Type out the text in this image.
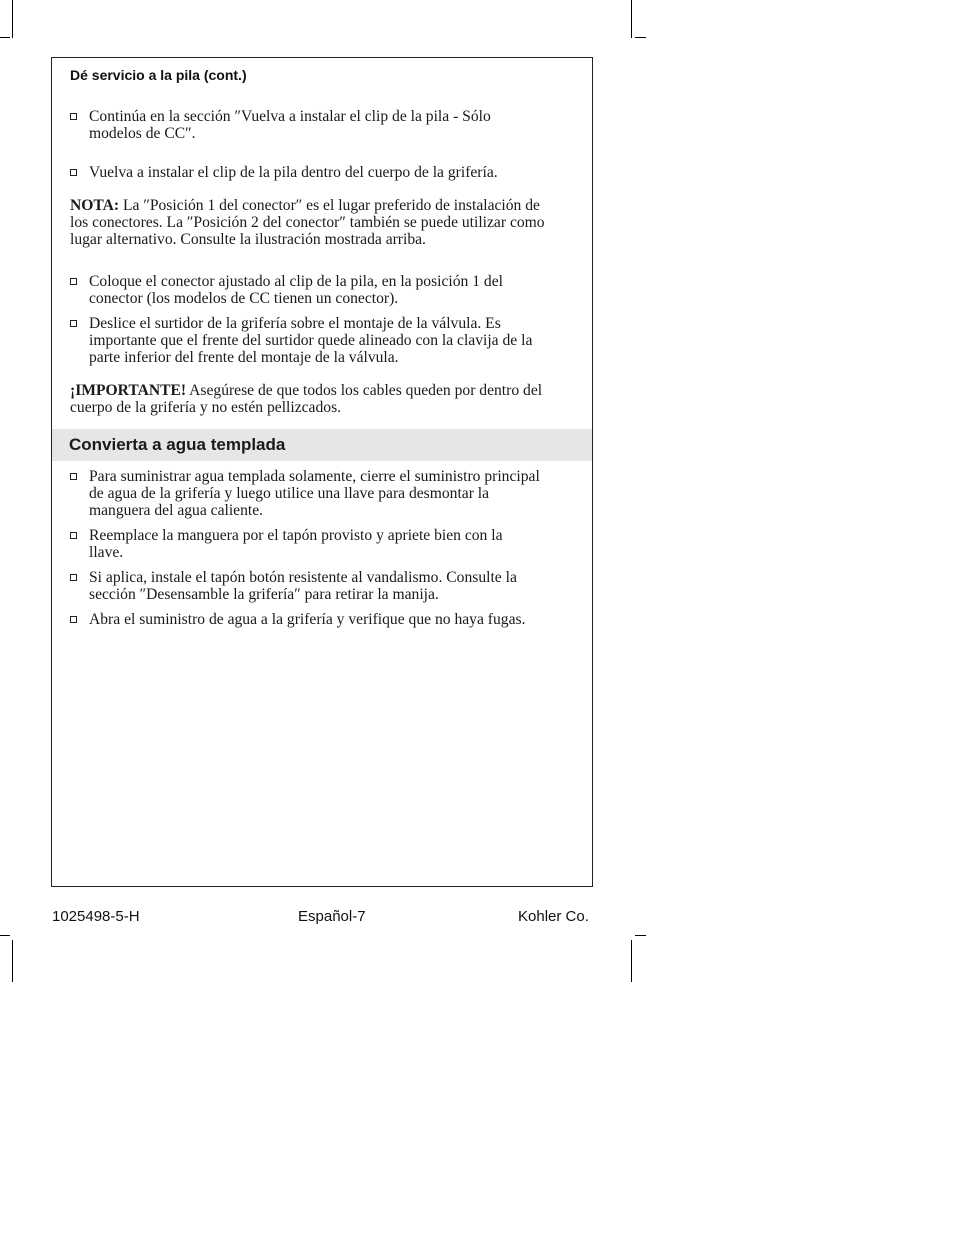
Dé servicio a la pila (cont.)
Continúa en la sección ″Vuelva a instalar el clip de la pila - Sólo modelos de CC″.
Vuelva a instalar el clip de la pila dentro del cuerpo de la grifería.
NOTA: La ″Posición 1 del conector″ es el lugar preferido de instalación de los conectores. La ″Posición 2 del conector″ también se puede utilizar como lugar alternativo. Consulte la ilustración mostrada arriba.
Coloque el conector ajustado al clip de la pila, en la posición 1 del conector (los modelos de CC tienen un conector).
Deslice el surtidor de la grifería sobre el montaje de la válvula. Es importante que el frente del surtidor quede alineado con la clavija de la parte inferior del frente del montaje de la válvula.
¡IMPORTANTE! Asegúrese de que todos los cables queden por dentro del cuerpo de la grifería y no estén pellizcados.
Convierta a agua templada
Para suministrar agua templada solamente, cierre el suministro principal de agua de la grifería y luego utilice una llave para desmontar la manguera del agua caliente.
Reemplace la manguera por el tapón provisto y apriete bien con la llave.
Si aplica, instale el tapón botón resistente al vandalismo. Consulte la sección ″Desensamble la grifería″ para retirar la manija.
Abra el suministro de agua a la grifería y verifique que no haya fugas.
1025498-5-H	Español-7	Kohler Co.
